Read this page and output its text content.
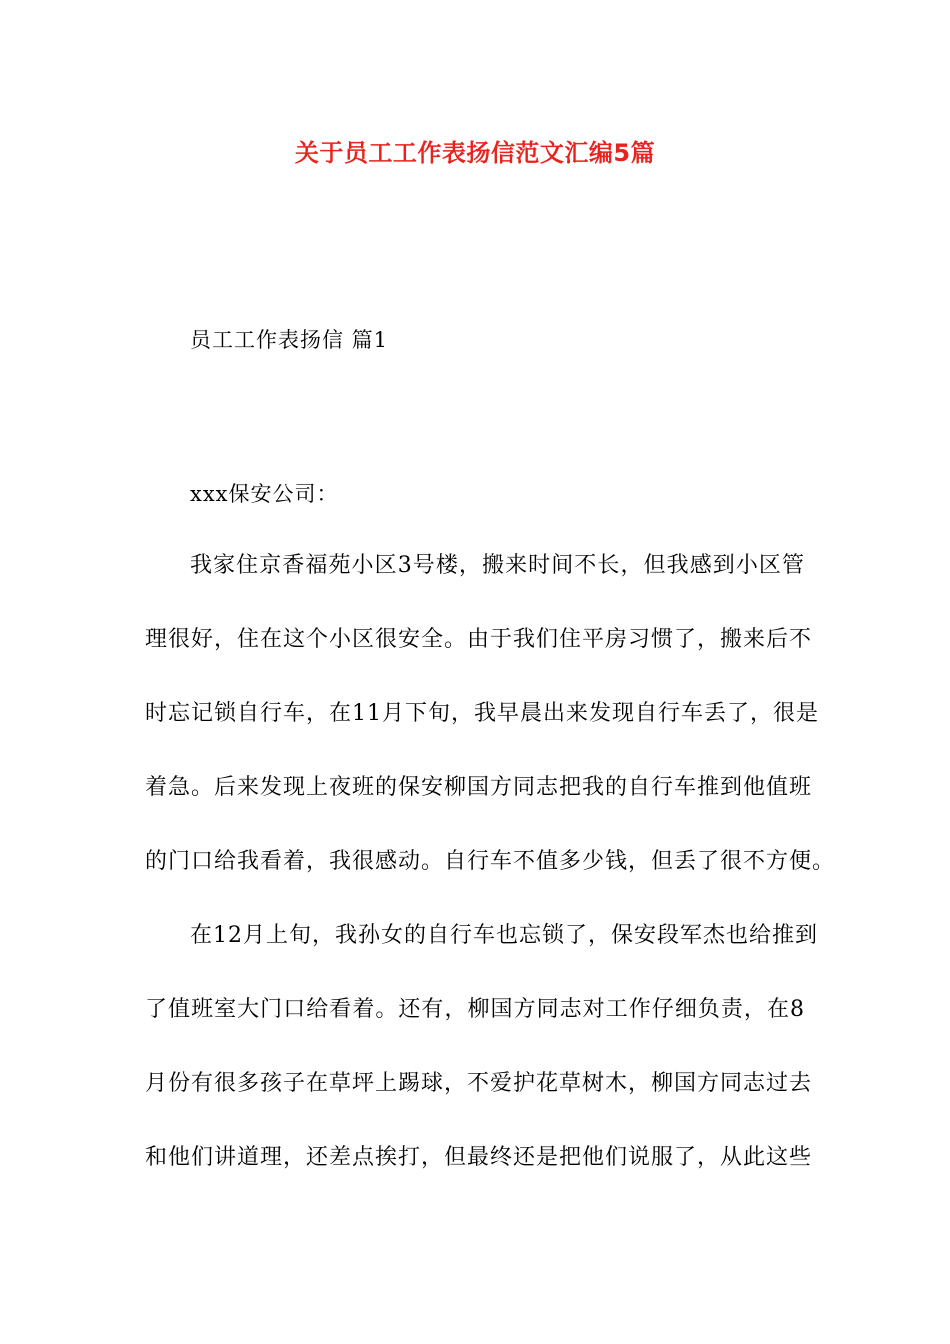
关于员工工作表扬信范文汇编5篇
员工工作表扬信 篇1
xxx保安公司：
我家住京香福苑小区3号楼，搬来时间不长，但我感到小区管
理很好，住在这个小区很安全。由于我们住平房习惯了，搬来后不
时忘记锁自行车，在11月下旬，我早晨出来发现自行车丢了，很是
着急。后来发现上夜班的保安柳国方同志把我的自行车推到他值班
的门口给我看着，我很感动。自行车不值多少钱，但丢了很不方便。
在12月上旬，我孙女的自行车也忘锁了，保安段军杰也给推到
了值班室大门口给看着。还有，柳国方同志对工作仔细负责，在8
月份有很多孩子在草坪上踢球，不爱护花草树木，柳国方同志过去
和他们讲道理，还差点挨打，但最终还是把他们说服了，从此这些
